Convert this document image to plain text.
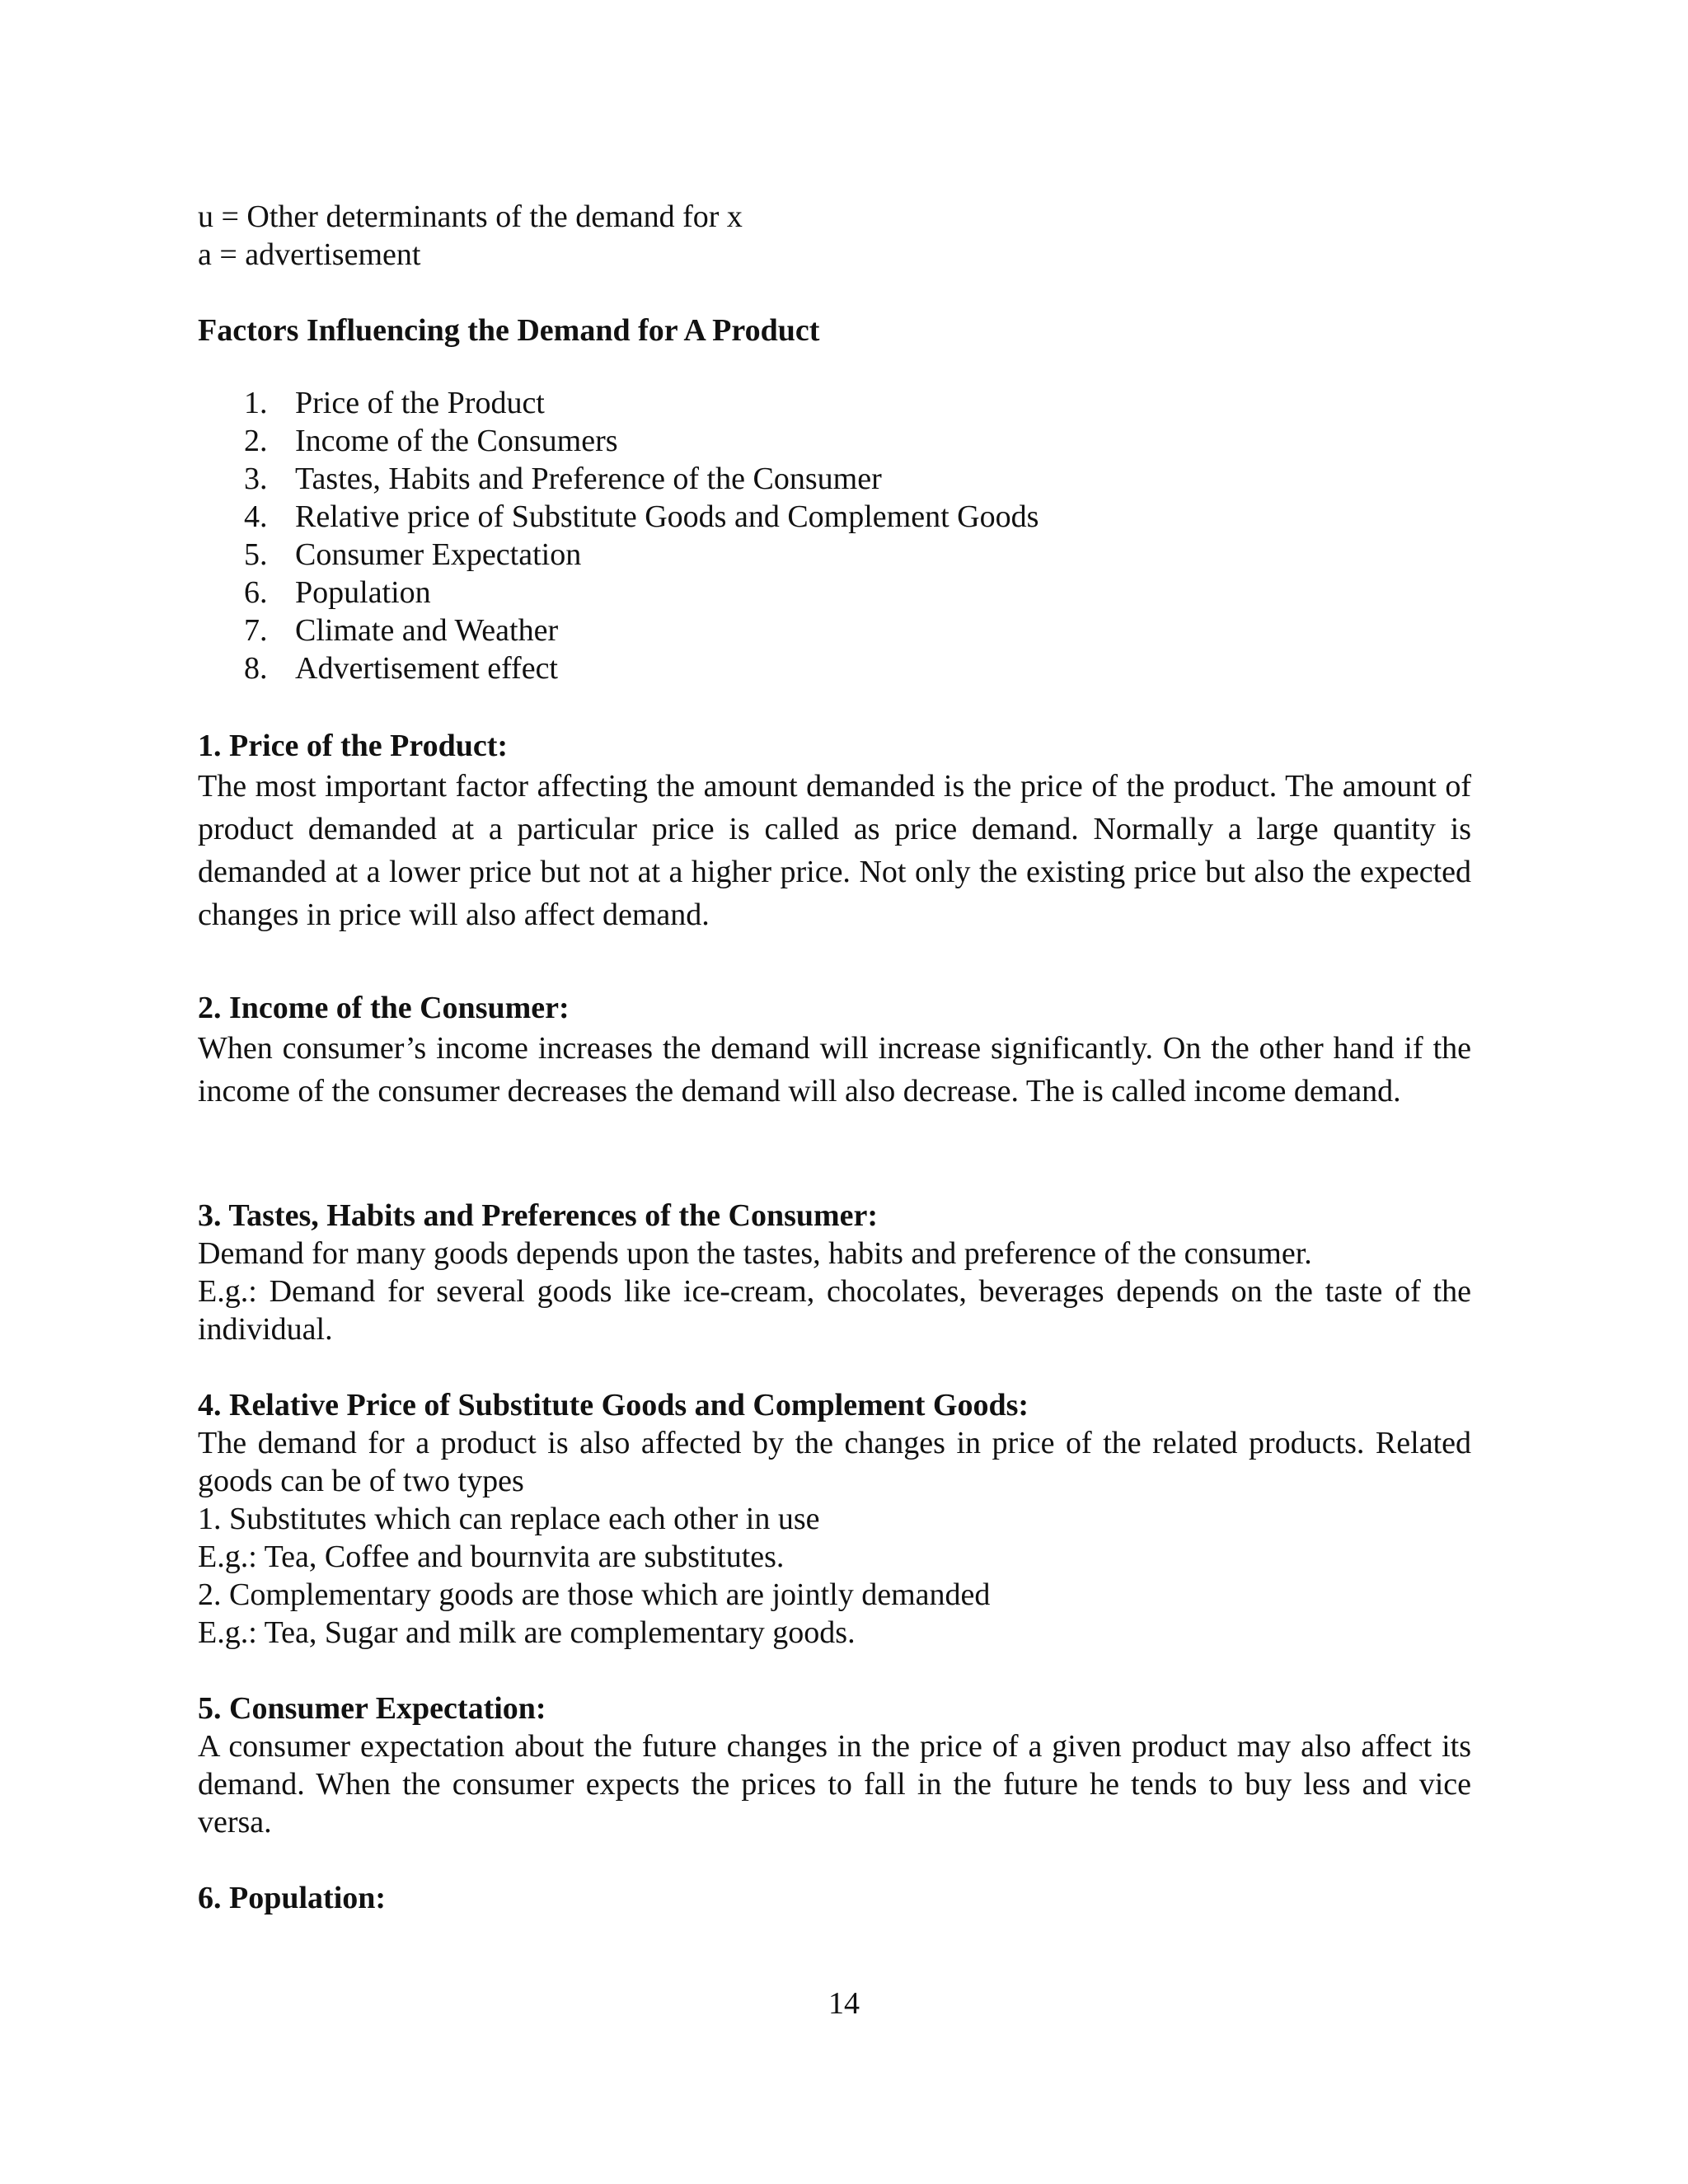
u = Other determinants of the demand for x
a = advertisement
Factors Influencing the Demand for A Product
1. Price of the Product
2. Income of the Consumers
3. Tastes, Habits and Preference of the Consumer
4. Relative price of Substitute Goods and Complement Goods
5. Consumer Expectation
6. Population
7. Climate and Weather
8. Advertisement effect
1. Price of the Product:
The most important factor affecting the amount demanded is the price of the product. The amount of product demanded at a particular price is called as price demand. Normally a large quantity is demanded at a lower price but not at a higher price. Not only the existing price but also the expected changes in price will also affect demand.
2. Income of the Consumer:
When consumer’s income increases the demand will increase significantly. On the other hand if the income of the consumer decreases the demand will also decrease. The is called income demand.
3. Tastes, Habits and Preferences of the Consumer:
Demand for many goods depends upon the tastes, habits and preference of the consumer.
E.g.: Demand for several goods like ice-cream, chocolates, beverages depends on the taste of the individual.
4. Relative Price of Substitute Goods and Complement Goods:
The demand for a product is also affected by the changes in price of the related products. Related goods can be of two types
1. Substitutes which can replace each other in use
E.g.: Tea, Coffee and bournvita are substitutes.
2. Complementary goods are those which are jointly demanded
E.g.: Tea, Sugar and milk are complementary goods.
5. Consumer Expectation:
A consumer expectation about the future changes in the price of a given product may also affect its demand. When the consumer expects the prices to fall in the future he tends to buy less and vice versa.
6. Population:
14
